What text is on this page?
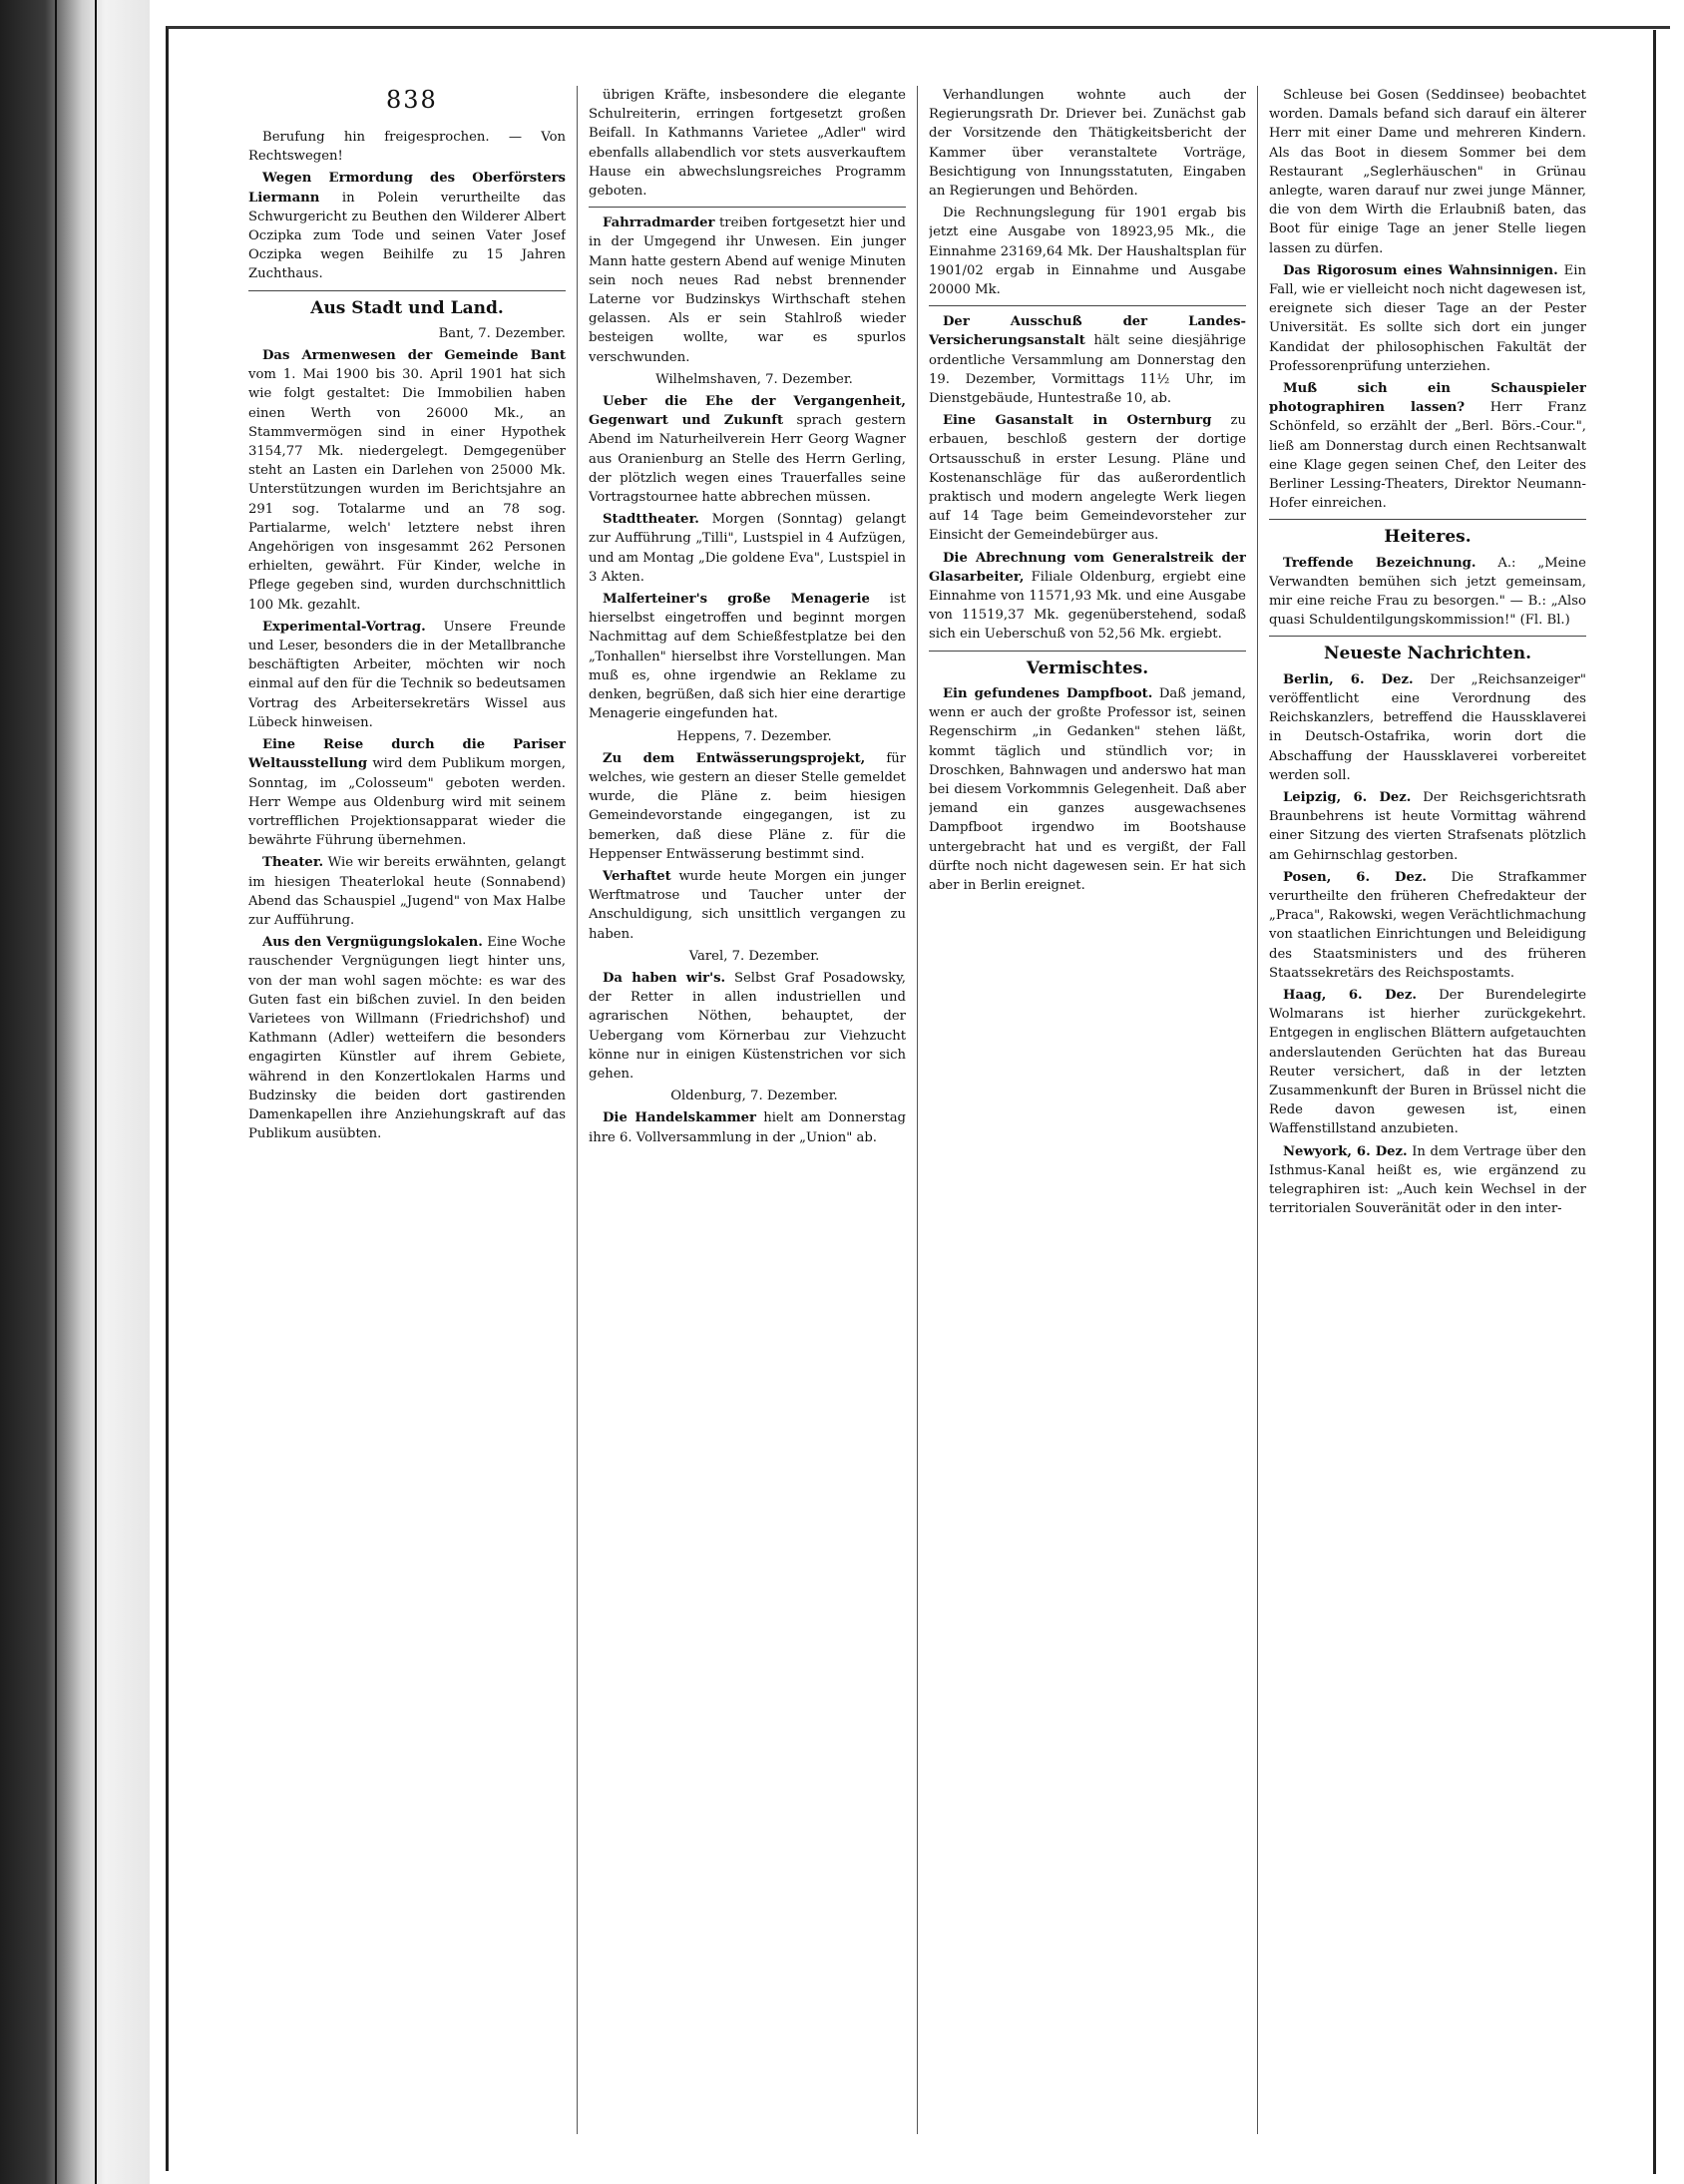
838

Berufung hin freigesprochen. — Von Rechtswegen!

Wegen Ermordung des Oberförsters Liermann in Polein verurtheilte das Schwurgericht zu Beuthen den Wilderer Albert Oczipka zum Tode und seinen Vater Josef Oczipka wegen Beihilfe zu 15 Jahren Zuchthaus.

Aus Stadt und Land.

Bant, 7. Dezember.

Das Armenwesen der Gemeinde Bant vom 1. Mai 1900 bis 30. April 1901 hat sich wie folgt gestaltet: Die Immobilien haben einen Werth von 26000 Mk., an Stammvermögen sind in einer Hypothek 3154,77 Mk. niedergelegt. Demgegenüber steht an Lasten ein Darlehen von 25000 Mk. Unterstützungen wurden im Berichtsjahre an 291 sog. Totalarme und an 78 sog. Partialarme, welch' letztere nebst ihren Angehörigen von insgesammt 262 Personen erhielten, gewährt. Für Kinder, welche in Pflege gegeben sind, wurden durchschnittlich 100 Mk. gezahlt.

Experimental-Vortrag. Unsere Freunde und Leser, besonders die in der Metallbranche beschäftigten Arbeiter, möchten wir noch einmal auf den für die Technik so bedeutsamen Vortrag des Arbeitersekretärs Wissel aus Lübeck hinweisen.

Eine Reise durch die Pariser Weltausstellung wird dem Publikum morgen, Sonntag, im „Colosseum" geboten werden. Herr Wempe aus Oldenburg wird mit seinem vortrefflichen Projektionsapparat wieder die bewährte Führung übernehmen.

Theater. Wie wir bereits erwähnten, gelangt im hiesigen Theaterlokal heute (Sonnabend) Abend das Schauspiel „Jugend" von Max Halbe zur Aufführung.

Aus den Vergnügungslokalen. Eine Woche rauschender Vergnügungen liegt hinter uns, von der man wohl sagen möchte: es war des Guten fast ein bißchen zuviel. In den beiden Varietees von Willmann (Friedrichshof) und Kathmann (Adler) wetteifern die besonders engagirten Künstler auf ihrem Gebiete, während in den Konzertlokalen Harms und Budzinsky die beiden dort gastirenden Damenkapellen ihre Anziehungskraft auf das Publikum ausübten.

übrigen Kräfte, insbesondere die elegante Schulreiterin, erringen fortgesetzt großen Beifall. In Kathmanns Varietee „Adler" wird ebenfalls allabendlich vor stets ausverkauftem Hause ein abwechslungsreiches Programm geboten.

Fahrradmarder treiben fortgesetzt hier und in der Umgegend ihr Unwesen. Ein junger Mann hatte gestern Abend auf wenige Minuten sein noch neues Rad nebst brennender Laterne vor Budzinskys Wirthschaft stehen gelassen. Als er sein Stahlroß wieder besteigen wollte, war es spurlos verschwunden.

Wilhelmshaven, 7. Dezember.

Ueber die Ehe der Vergangenheit, Gegenwart und Zukunft sprach gestern Abend im Naturheilverein Herr Georg Wagner aus Oranienburg an Stelle des Herrn Gerling, der plötzlich wegen eines Trauerfalles seine Vortragstournee hatte abbrechen müssen.

Stadttheater. Morgen (Sonntag) gelangt zur Aufführung „Tilli", Lustspiel in 4 Aufzügen, und am Montag „Die goldene Eva", Lustspiel in 3 Akten.

Malferteiner's große Menagerie ist hierselbst eingetroffen und beginnt morgen Nachmittag auf dem Schießfestplatze bei den „Tonhallen" hierselbst ihre Vorstellungen. Man muß es, ohne irgendwie an Reklame zu denken, begrüßen, daß sich hier eine derartige Menagerie eingefunden hat.

Heppens, 7. Dezember.

Zu dem Entwässerungsprojekt, für welches, wie gestern an dieser Stelle gemeldet wurde, die Pläne z. beim hiesigen Gemeindevorstande eingegangen, ist zu bemerken, daß diese Pläne z. für die Heppenser Entwässerung bestimmt sind.

Verhaftet wurde heute Morgen ein junger Werftmatrose und Taucher unter der Anschuldigung, sich unsittlich vergangen zu haben.

Varel, 7. Dezember.

Da haben wir's. Selbst Graf Posadowsky, der Retter in allen industriellen und agrarischen Nöthen, behauptet, der Uebergang vom Körnerbau zur Viehzucht könne nur in einigen Küstenstrichen vor sich gehen.

Oldenburg, 7. Dezember.

Die Handelskammer hielt am Donnerstag ihre 6. Vollversammlung in der „Union" ab.

Verhandlungen wohnte auch der Regierungsrath Dr. Driever bei. Zunächst gab der Vorsitzende den Thätigkeitsbericht der Kammer über veranstaltete Vorträge, Besichtigung von Innungsstatuten, Eingaben an Regierungen und Behörden.

Die Rechnungslegung für 1901 ergab bis jetzt eine Ausgabe von 18923,95 Mk., die Einnahme 23169,64 Mk. Der Haushaltsplan für 1901/02 ergab in Einnahme und Ausgabe 20000 Mk.

Der Ausschuß der Landes-Versicherungsanstalt hält seine diesjährige ordentliche Versammlung am Donnerstag den 19. Dezember, Vormittags 11½ Uhr, im Dienstgebäude, Huntestraße 10, ab.

Eine Gasanstalt in Osternburg zu erbauen, beschloß gestern der dortige Ortsausschuß in erster Lesung. Pläne und Kostenanschläge für das außerordentlich praktisch und modern angelegte Werk liegen auf 14 Tage beim Gemeindevorsteher zur Einsicht der Gemeindebürger aus.

Die Abrechnung vom Generalstreik der Glasarbeiter, Filiale Oldenburg, ergiebt eine Einnahme von 11571,93 Mk. und eine Ausgabe von 11519,37 Mk. gegenüberstehend, sodaß sich ein Ueberschuß von 52,56 Mk. ergiebt.

Vermischtes.

Ein gefundenes Dampfboot. Daß jemand, wenn er auch der großte Professor ist, seinen Regenschirm „in Gedanken" stehen läßt, kommt täglich und stündlich vor; in Droschken, Bahnwagen und anderswo hat man bei diesem Vorkommnis Gelegenheit. Daß aber jemand ein ganzes ausgewachsenes Dampfboot irgendwo im Bootshause untergebracht hat und es vergißt, der Fall dürfte noch nicht dagewesen sein. Er hat sich aber in Berlin ereignet.

Schleuse bei Gosen (Seddinsee) beobachtet worden. Damals befand sich darauf ein älterer Herr mit einer Dame und mehreren Kindern. Als das Boot in diesem Sommer bei dem Restaurant „Seglerhäuschen" in Grünau anlegte, waren darauf nur zwei junge Männer, die von dem Wirth die Erlaubniß baten, das Boot für einige Tage an jener Stelle liegen lassen zu dürfen.

Das Rigorosum eines Wahnsinnigen. Ein Fall, wie er vielleicht noch nicht dagewesen ist, ereignete sich dieser Tage an der Pester Universität. Es sollte sich dort ein junger Kandidat der philosophischen Fakultät der Professorenprüfung unterziehen.

Muß sich ein Schauspieler photographiren lassen? Herr Franz Schönfeld, so erzählt der „Berl. Börs.-Cour.", ließ am Donnerstag durch einen Rechtsanwalt eine Klage gegen seinen Chef, den Leiter des Berliner Lessing-Theaters, Direktor Neumann-Hofer einreichen.

Heiteres.

Treffende Bezeichnung. A.: „Meine Verwandten bemühen sich jetzt gemeinsam, mir eine reiche Frau zu besorgen." — B.: „Also quasi Schuldentilgungskommission!" (Fl. Bl.)

Neueste Nachrichten.

Berlin, 6. Dez. Der „Reichsanzeiger" veröffentlicht eine Verordnung des Reichskanzlers, betreffend die Haussklaverei in Deutsch-Ostafrika, worin dort die Abschaffung der Haussklaverei vorbereitet werden soll.

Leipzig, 6. Dez. Der Reichsgerichtsrath Braunbehrens ist heute Vormittag während einer Sitzung des vierten Strafsenats plötzlich am Gehirnschlag gestorben.

Posen, 6. Dez. Die Strafkammer verurtheilte den früheren Chefredakteur der „Praca", Rakowski, wegen Verächtlichmachung von staatlichen Einrichtungen und Beleidigung des Staatsministers und des früheren Staatssekretärs des Reichspostamts.

Haag, 6. Dez. Der Burendelegirte Wolmarans ist hierher zurückgekehrt. Entgegen in englischen Blättern aufgetauchten anderslautenden Gerüchten hat das Bureau Reuter versichert, daß in der letzten Zusammenkunft der Buren in Brüssel nicht die Rede davon gewesen ist, einen Waffenstillstand anzubieten.

Newyork, 6. Dez. In dem Vertrage über den Isthmus-Kanal heißt es, wie ergänzend zu telegraphiren ist: „Auch kein Wechsel in der territorialen Souveränität oder in den inter-
